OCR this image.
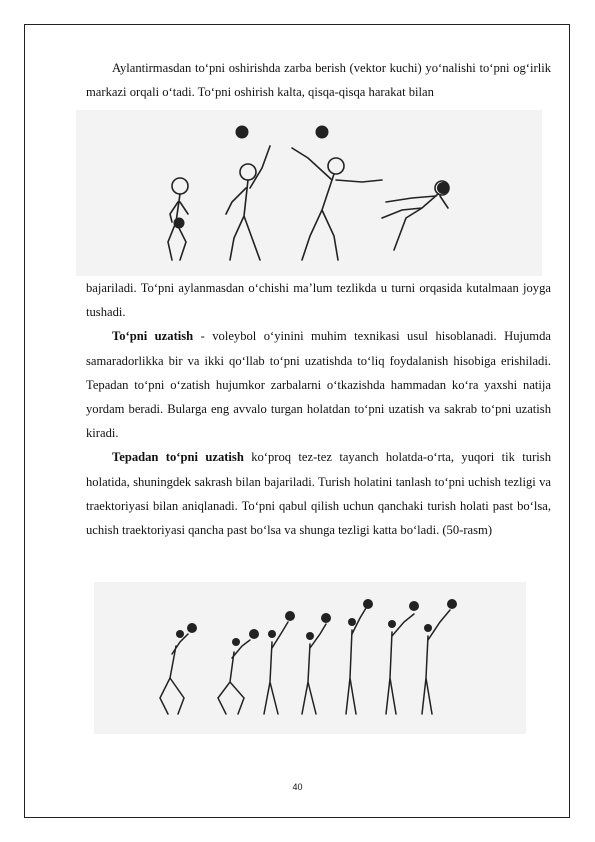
Aylantirmasdan to‘pni oshirishda zarba berish (vektor kuchi) yo‘nalishi to‘pni og‘irlik markazi orqali o‘tadi. To‘pni oshirish kalta, qisqa-qisqa harakat bilan

bajariladi. To‘pni aylanmasdan o‘chishi ma’lum tezlikda u turni orqasida kutalmaan joyga tushadi.

To‘pni uzatish - voleybol o‘yinini muhim texnikasi usul hisoblanadi. Hujumda samaradorlikka bir va ikki qo‘llab to‘pni uzatishda to‘liq foydalanish hisobiga erishiladi. Tepadan to‘pni o‘zatish hujumkor zarbalarni o‘tkazishda hammadan ko‘ra yaxshi natija yordam beradi. Bularga eng avvalo turgan holatdan to‘pni uzatish va sakrab to‘pni uzatish kiradi.

Tepadan to‘pni uzatish ko‘proq tez-tez tayanch holatda-o‘rta, yuqori tik turish holatida, shuningdek sakrash bilan bajariladi. Turish holatini tanlash to‘pni uchish tezligi va traektoriyasi bilan aniqlanadi. To‘pni qabul qilish uchun qanchaki turish holati past bo‘lsa, uchish traektoriyasi qancha past bo‘lsa va shunga tezligi katta bo‘ladi. (50-rasm)

40
